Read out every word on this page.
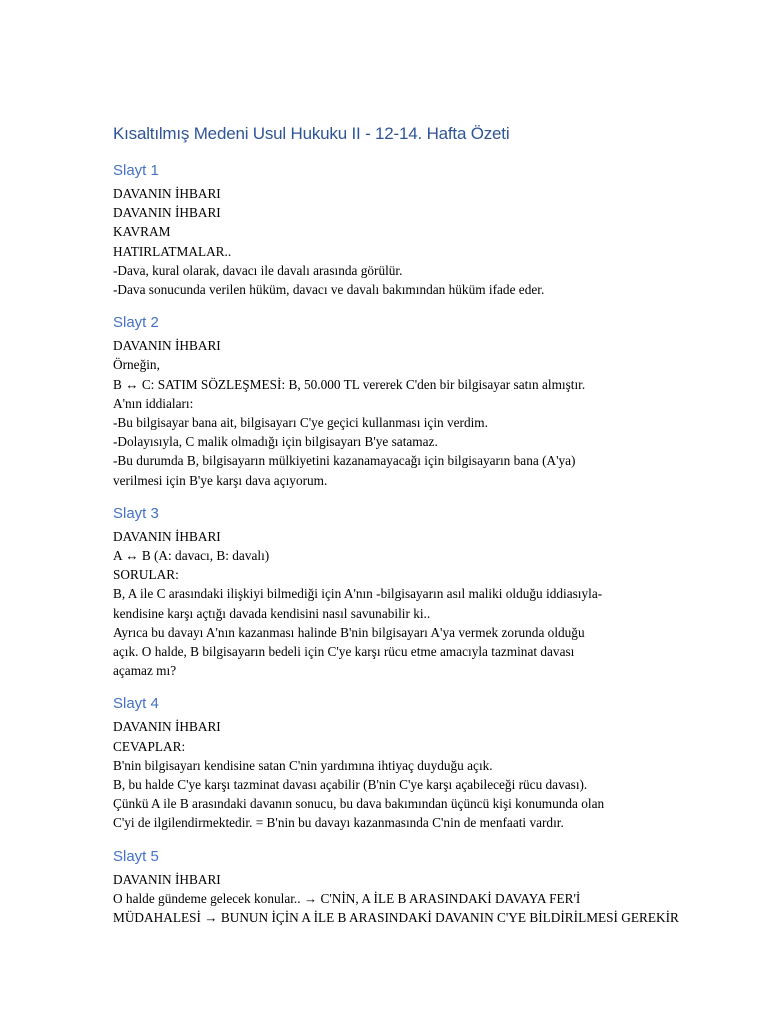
Kısaltılmış Medeni Usul Hukuku II - 12-14. Hafta Özeti
Slayt 1

DAVANIN İHBARI

DAVANIN İHBARI

KAVRAM

HATIRLATMALAR..

-Dava, kural olarak, davacı ile davalı arasında görülür.

-Dava sonucunda verilen hüküm, davacı ve davalı bakımından hüküm ifade eder.

Slayt 2

DAVANIN İHBARI

Örneğin,

B ↔ C: SATIM SÖZLEŞMESİ: B, 50.000 TL vererek C'den bir bilgisayar satın almıştır.

A'nın iddiaları:

-Bu bilgisayar bana ait, bilgisayarı C'ye geçici kullanması için verdim.

-Dolayısıyla, C malik olmadığı için bilgisayarı B'ye satamaz.

-Bu durumda B, bilgisayarın mülkiyetini kazanamayacağı için bilgisayarın bana (A'ya)

verilmesi için B'ye karşı dava açıyorum.

Slayt 3

DAVANIN İHBARI

A ↔ B (A: davacı, B: davalı)

SORULAR:

B, A ile C arasındaki ilişkiyi bilmediği için A'nın -bilgisayarın asıl maliki olduğu iddiasıyla-

kendisine karşı açtığı davada kendisini nasıl savunabilir ki..

Ayrıca bu davayı A'nın kazanması halinde B'nin bilgisayarı A'ya vermek zorunda olduğu

açık. O halde, B bilgisayarın bedeli için C'ye karşı rücu etme amacıyla tazminat davası

açamaz mı?

Slayt 4

DAVANIN İHBARI

CEVAPLAR:

B'nin bilgisayarı kendisine satan C'nin yardımına ihtiyaç duyduğu açık.

B, bu halde C'ye karşı tazminat davası açabilir (B'nin C'ye karşı açabileceği rücu davası).

Çünkü A ile B arasındaki davanın sonucu, bu dava bakımından üçüncü kişi konumunda olan

C'yi de ilgilendirmektedir. = B'nin bu davayı kazanmasında C'nin de menfaati vardır.

Slayt 5

DAVANIN İHBARI

O halde gündeme gelecek konular.. → C'NİN, A İLE B ARASINDAKİ DAVAYA FER'İ

MÜDAHALESİ → BUNUN İÇİN A İLE B ARASINDAKİ DAVANIN C'YE BİLDİRİLMESİ GEREKİR
